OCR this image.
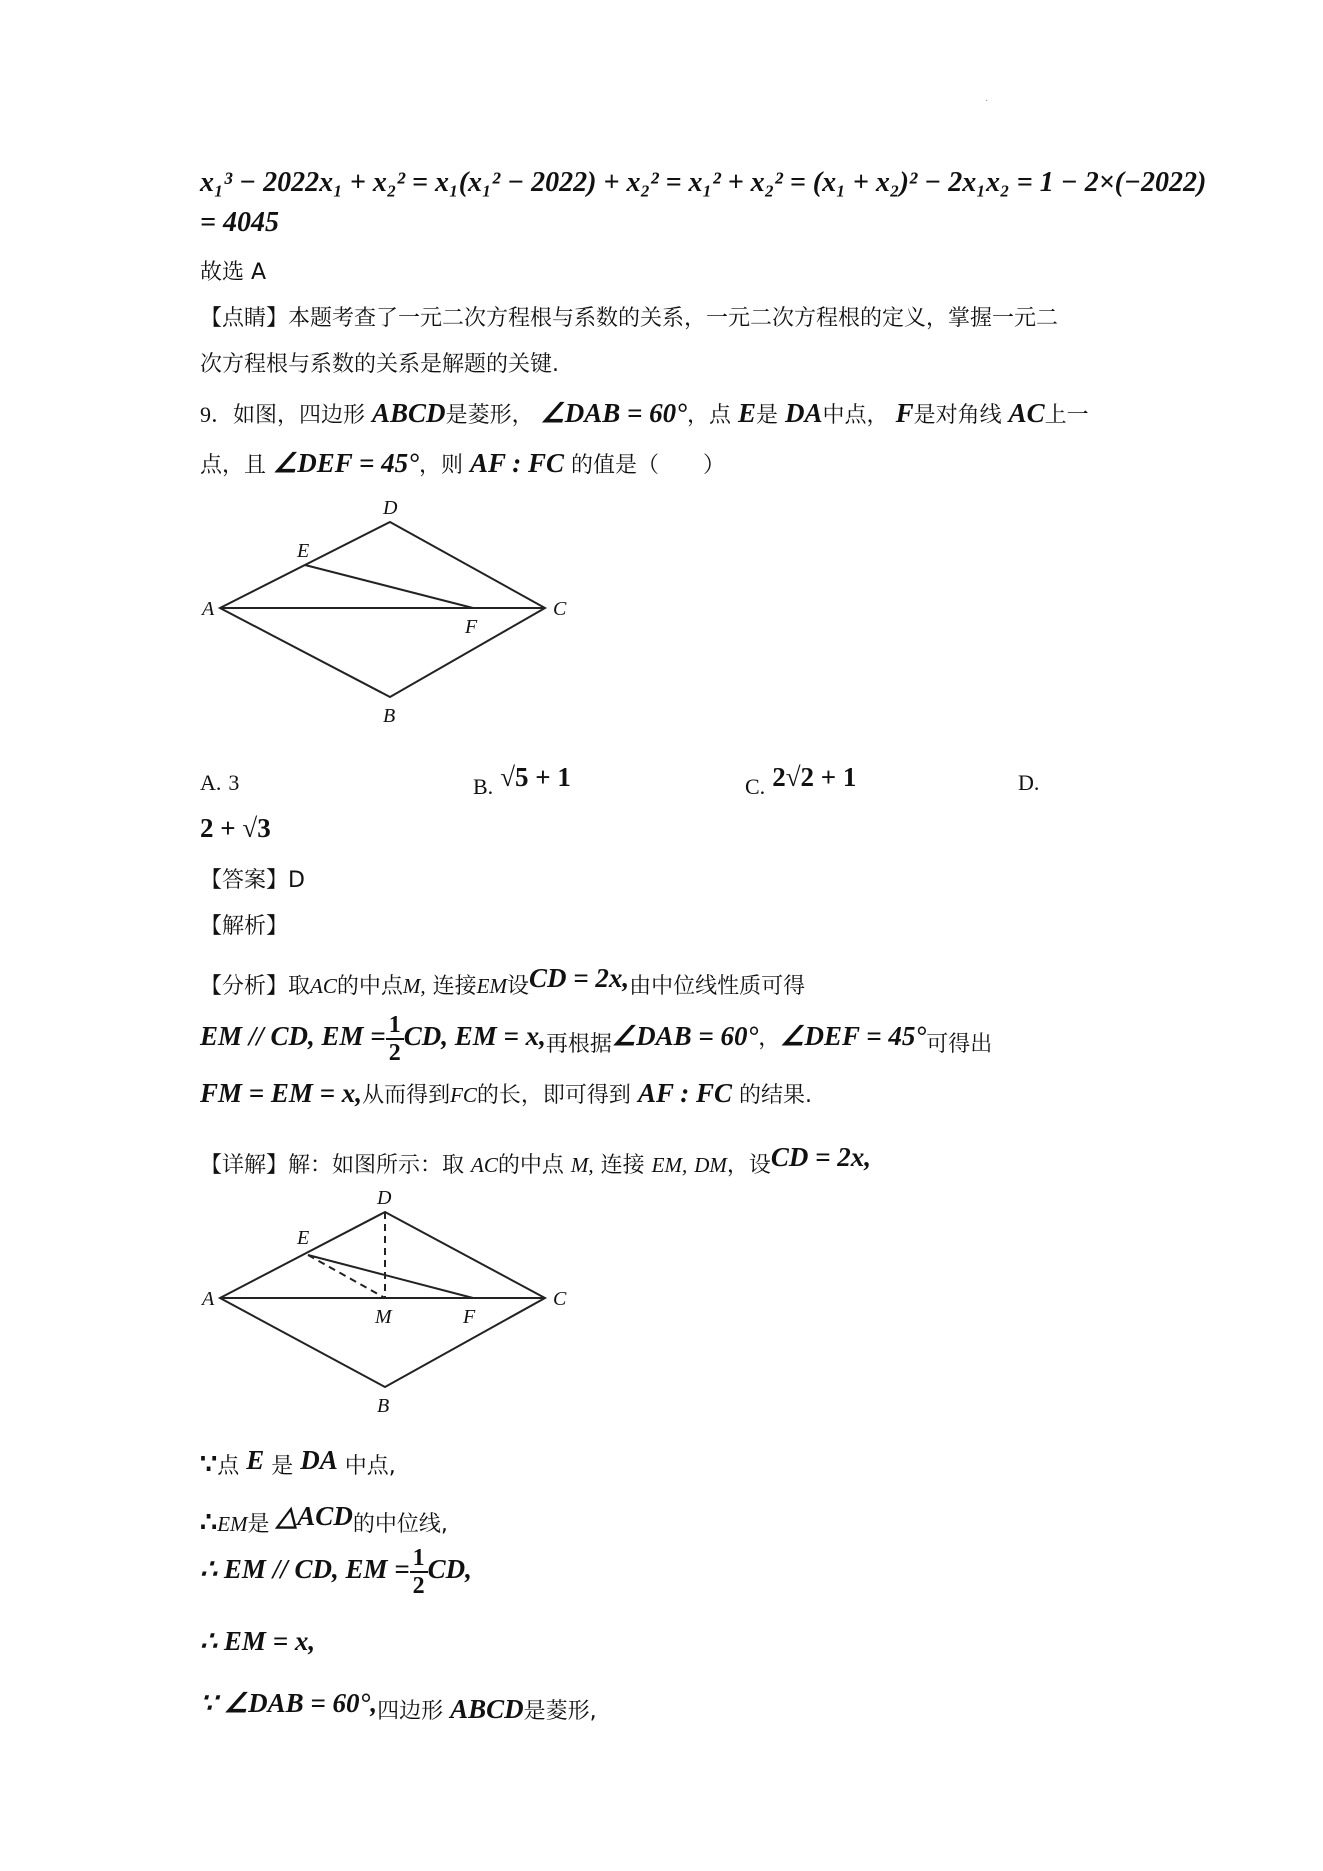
·
x₁³ − 2022x₁ + x₂² = x₁(x₁² − 2022) + x₂² = x₁² + x₂² = (x₁ + x₂)² − 2x₁x₂ = 1 − 2×(−2022)
= 4045
故选 A
【点睛】本题考查了一元二次方程根与系数的关系，一元二次方程根的定义，掌握一元二
次方程根与系数的关系是解题的关键.
9．如图，四边形 ABCD是菱形， ∠DAB = 60°，点 E是 DA中点， F是对角线 AC上一
点，且 ∠DEF = 45°，则 AF : FC 的值是（　　）
D
E
A
F
C
B
A. 3	B. √5 + 1	C. 2√2 + 1	D.
2 + √3
【答案】D
【解析】
【分析】取AC的中点M, 连接EM设CD = 2x,由中位线性质可得
EM // CD, EM = $\frac{1}{2}$ CD, EM = x,再根据∠DAB = 60°，∠DEF = 45°可得出
FM = EM = x,从而得到FC的长，即可得到 AF : FC 的结果.
【详解】解：如图所示：取 AC的中点 M, 连接 EM, DM，设CD = 2x,
D
E
A
M	F
C
B
∵点 E 是 DA 中点,
∴EM是 △ACD的中位线,
∴ EM // CD, EM = $\frac{1}{2}$ CD,
∴ EM = x,
∵ ∠DAB = 60°,四边形 ABCD是菱形,
